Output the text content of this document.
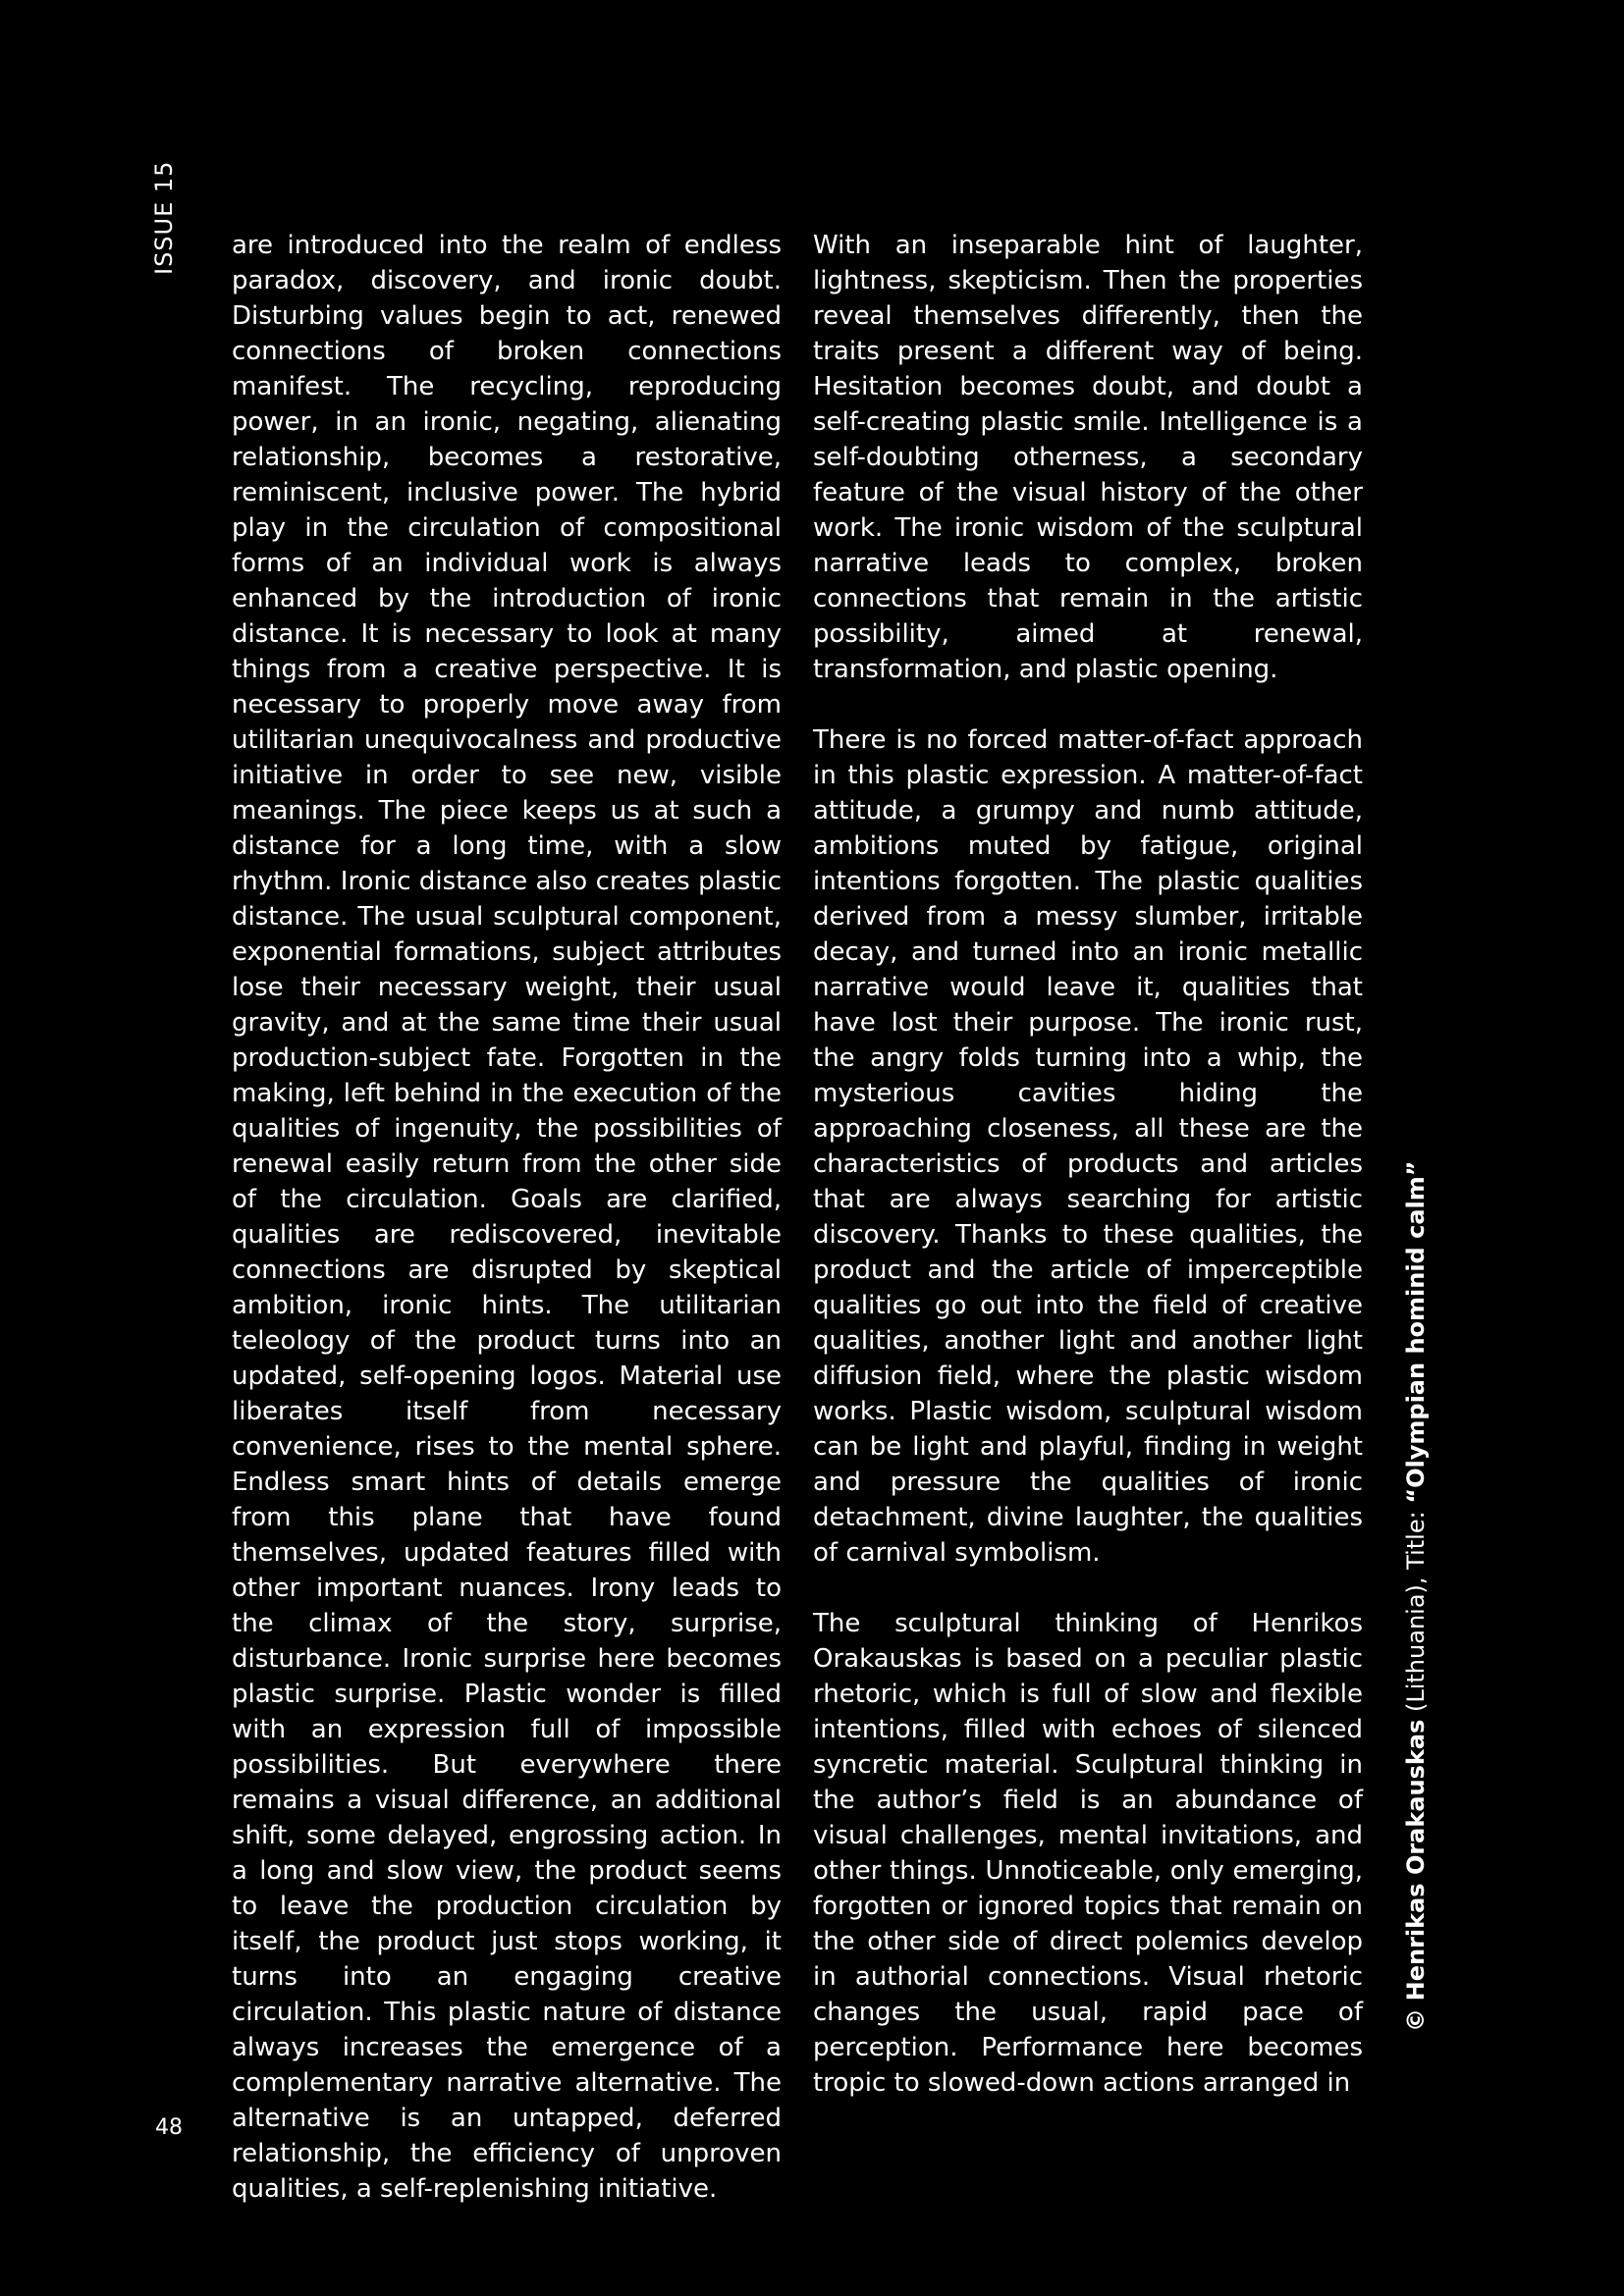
ISSUE 15 are introduced into the realm of endless paradox, discovery, and ironic doubt. Disturbing values begin to act, renewed connections of broken connections manifest. The recycling, reproducing power, in an ironic, negating, alienating relationship, becomes a restorative, reminiscent, inclusive power. The hybrid play in the circulation of compositional forms of an individual work is always enhanced by the introduction of ironic distance. It is necessary to look at many things from a creative perspective. It is necessary to properly move away from utilitarian unequivocalness and productive initiative in order to see new, visible meanings. The piece keeps us at such a distance for a long time, with a slow rhythm. Ironic distance also creates plastic distance. The usual sculptural component, exponential formations, subject attributes lose their necessary weight, their usual gravity, and at the same time their usual production-subject fate. Forgotten in the making, left behind in the execution of the qualities of ingenuity, the possibilities of renewal easily return from the other side of the circulation. Goals are clarified, qualities are rediscovered, inevitable connections are disrupted by skeptical ambition, ironic hints. The utilitarian teleology of the product turns into an updated, self-opening logos. Material use liberates itself from necessary convenience, rises to the mental sphere. Endless smart hints of details emerge from this plane that have found themselves, updated features filled with other important nuances. Irony leads to the climax of the story, surprise, disturbance. Ironic surprise here becomes plastic surprise. Plastic wonder is filled with an expression full of impossible possibilities. But everywhere there remains a visual difference, an additional shift, some delayed, engrossing action. In a long and slow view, the product seems to leave the production circulation by itself, the product just stops working, it turns into an engaging creative circulation. This plastic nature of distance always increases the emergence of a complementary narrative alternative. The alternative is an untapped, deferred relationship, the efficiency of unproven qualities, a self-replenishing initiative.

With an inseparable hint of laughter, lightness, skepticism. Then the properties reveal themselves differently, then the traits present a different way of being. Hesitation becomes doubt, and doubt a self-creating plastic smile. Intelligence is a self-doubting otherness, a secondary feature of the visual history of the other work. The ironic wisdom of the sculptural narrative leads to complex, broken connections that remain in the artistic possibility, aimed at renewal, transformation, and plastic opening.

There is no forced matter-of-fact approach in this plastic expression. A matter-of-fact attitude, a grumpy and numb attitude, ambitions muted by fatigue, original intentions forgotten. The plastic qualities derived from a messy slumber, irritable decay, and turned into an ironic metallic narrative would leave it, qualities that have lost their purpose. The ironic rust, the angry folds turning into a whip, the mysterious cavities hiding the approaching closeness, all these are the characteristics of products and articles that are always searching for artistic discovery. Thanks to these qualities, the product and the article of imperceptible qualities go out into the field of creative qualities, another light and another light diffusion field, where the plastic wisdom works. Plastic wisdom, sculptural wisdom can be light and playful, finding in weight and pressure the qualities of ironic detachment, divine laughter, the qualities of carnival symbolism.

The sculptural thinking of Henrikos Orakauskas is based on a peculiar plastic rhetoric, which is full of slow and flexible intentions, filled with echoes of silenced syncretic material. Sculptural thinking in the author’s field is an abundance of visual challenges, mental invitations, and other things. Unnoticeable, only emerging, forgotten or ignored topics that remain on the other side of direct polemics develop in authorial connections. Visual rhetoric changes the usual, rapid pace of perception. Performance here becomes tropic to slowed-down actions arranged in

© Henrikas Orakauskas (Lithuania), Title: “Olympian hominid calm”
48
